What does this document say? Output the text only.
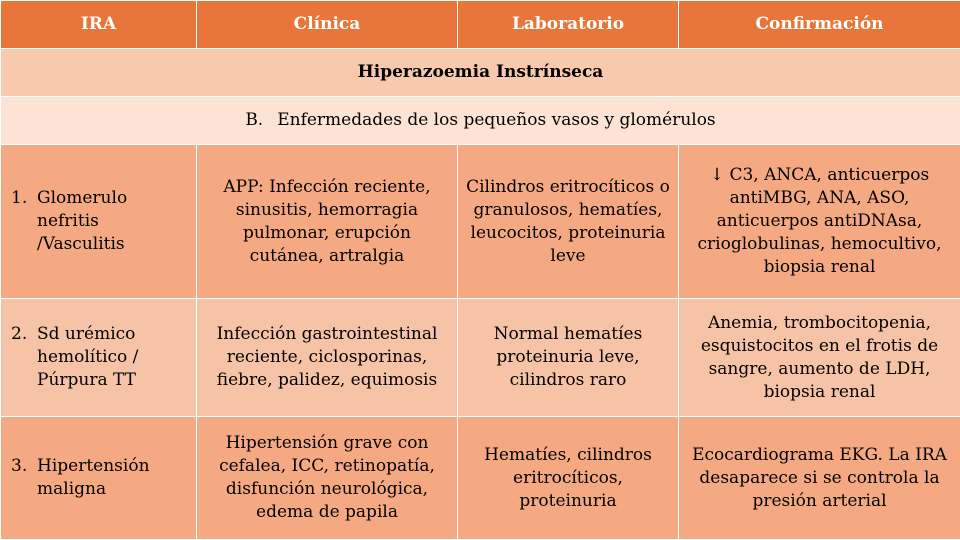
IRA	Clínica	Laboratorio	Confirmación
Hiperazoemia Instrínseca			

B. Enfermedades de los pequeños vasos y glomérulos			

1. Glomerulo nefritis /Vasculitis	APP: Infección reciente, sinusitis, hemorragia pulmonar, erupción cutánea, artralgia	Cilindros eritrocíticos o granulosos, hematíes, leucocitos, proteinuria leve	↓ C3, ANCA, anticuerpos antiMBG, ANA, ASO, anticuerpos antiDNAsa, crioglobulinas, hemocultivo, biopsia renal

2. Sd urémico hemolítico / Púrpura TT	Infección gastrointestinal reciente, ciclosporinas, fiebre, palidez, equimosis	Normal hematíes proteinuria leve, cilindros raro	Anemia, trombocitopenia, esquistocitos en el frotis de sangre, aumento de LDH, biopsia renal

3. Hipertensión maligna	Hipertensión grave con cefalea, ICC, retinopatía, disfunción neurológica, edema de papila	Hematíes, cilindros eritrocíticos, proteinuria	Ecocardiograma EKG. La IRA desaparece si se controla la presión arterial
